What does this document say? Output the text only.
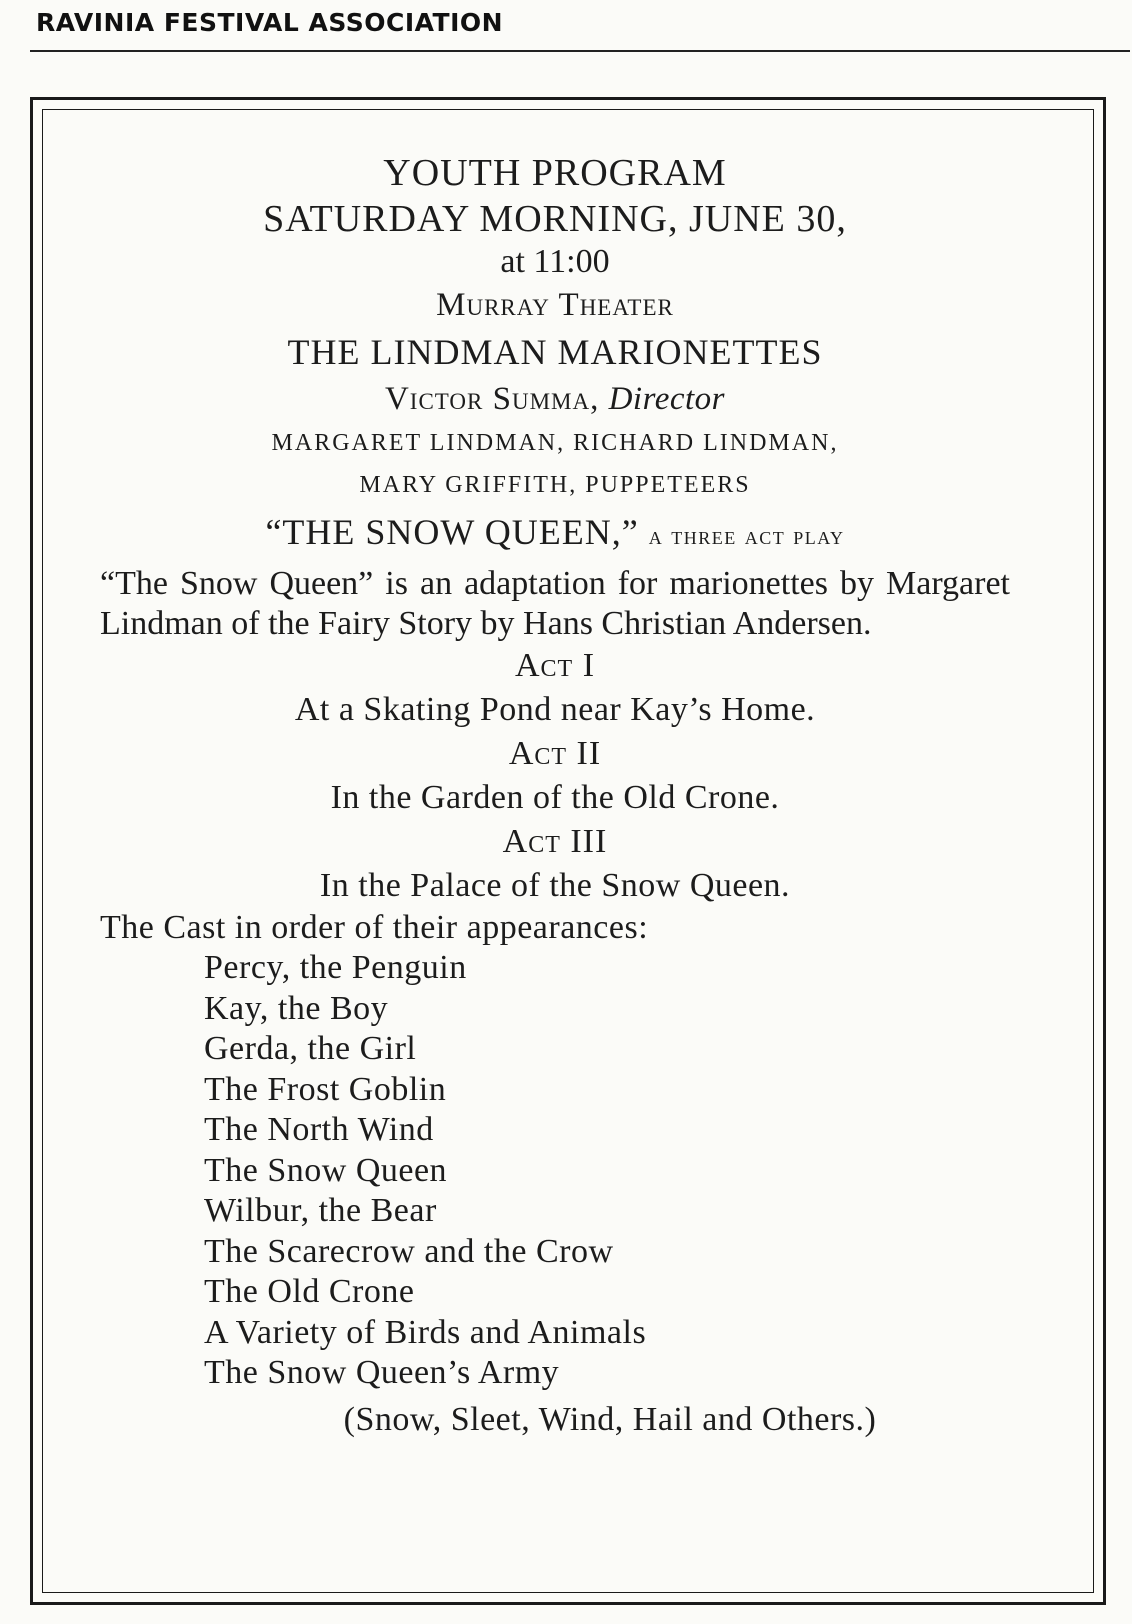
RAVINIA FESTIVAL ASSOCIATION
YOUTH PROGRAM
SATURDAY MORNING, JUNE 30,
at 11:00
Murray Theater
THE LINDMAN MARIONETTES
Victor Summa, Director
MARGARET LINDMAN, RICHARD LINDMAN,
MARY GRIFFITH, PUPPETEERS
“THE SNOW QUEEN,” a three act play
“The Snow Queen” is an adaptation for marionettes by Margaret Lindman of the Fairy Story by Hans Christian Andersen.
Act I
At a Skating Pond near Kay’s Home.
Act II
In the Garden of the Old Crone.
Act III
In the Palace of the Snow Queen.
The Cast in order of their appearances:
Percy, the Penguin
Kay, the Boy
Gerda, the Girl
The Frost Goblin
The North Wind
The Snow Queen
Wilbur, the Bear
The Scarecrow and the Crow
The Old Crone
A Variety of Birds and Animals
The Snow Queen’s Army
(Snow, Sleet, Wind, Hail and Others.)
